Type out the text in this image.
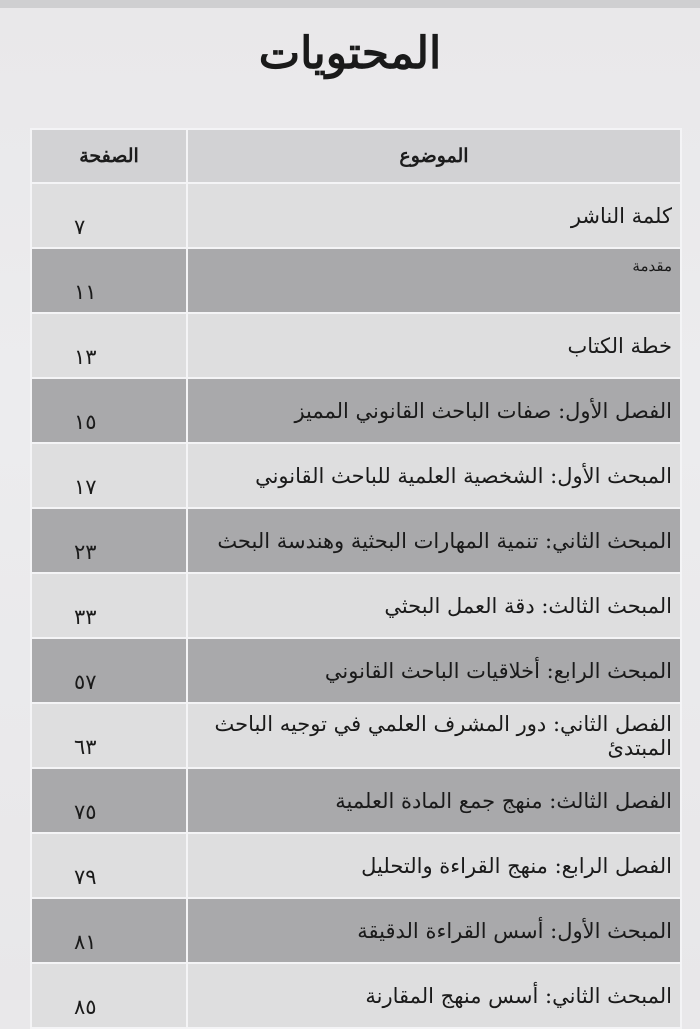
المحتويات
الموضوع	الصفحة
كلمة الناشر	٧
مقدمة	١١
خطة الكتاب	١٣
الفصل الأول: صفات الباحث القانوني المميز	١٥
المبحث الأول: الشخصية العلمية للباحث القانوني	١٧
المبحث الثاني: تنمية المهارات البحثية وهندسة البحث	٢٣
المبحث الثالث: دقة العمل البحثي	٣٣
المبحث الرابع: أخلاقيات الباحث القانوني	٥٧
الفصل الثاني: دور المشرف العلمي في توجيه الباحث المبتدئ	٦٣
الفصل الثالث: منهج جمع المادة العلمية	٧٥
الفصل الرابع: منهج القراءة والتحليل	٧٩
المبحث الأول: أسس القراءة الدقيقة	٨١
المبحث الثاني: أسس منهج المقارنة	٨٥
